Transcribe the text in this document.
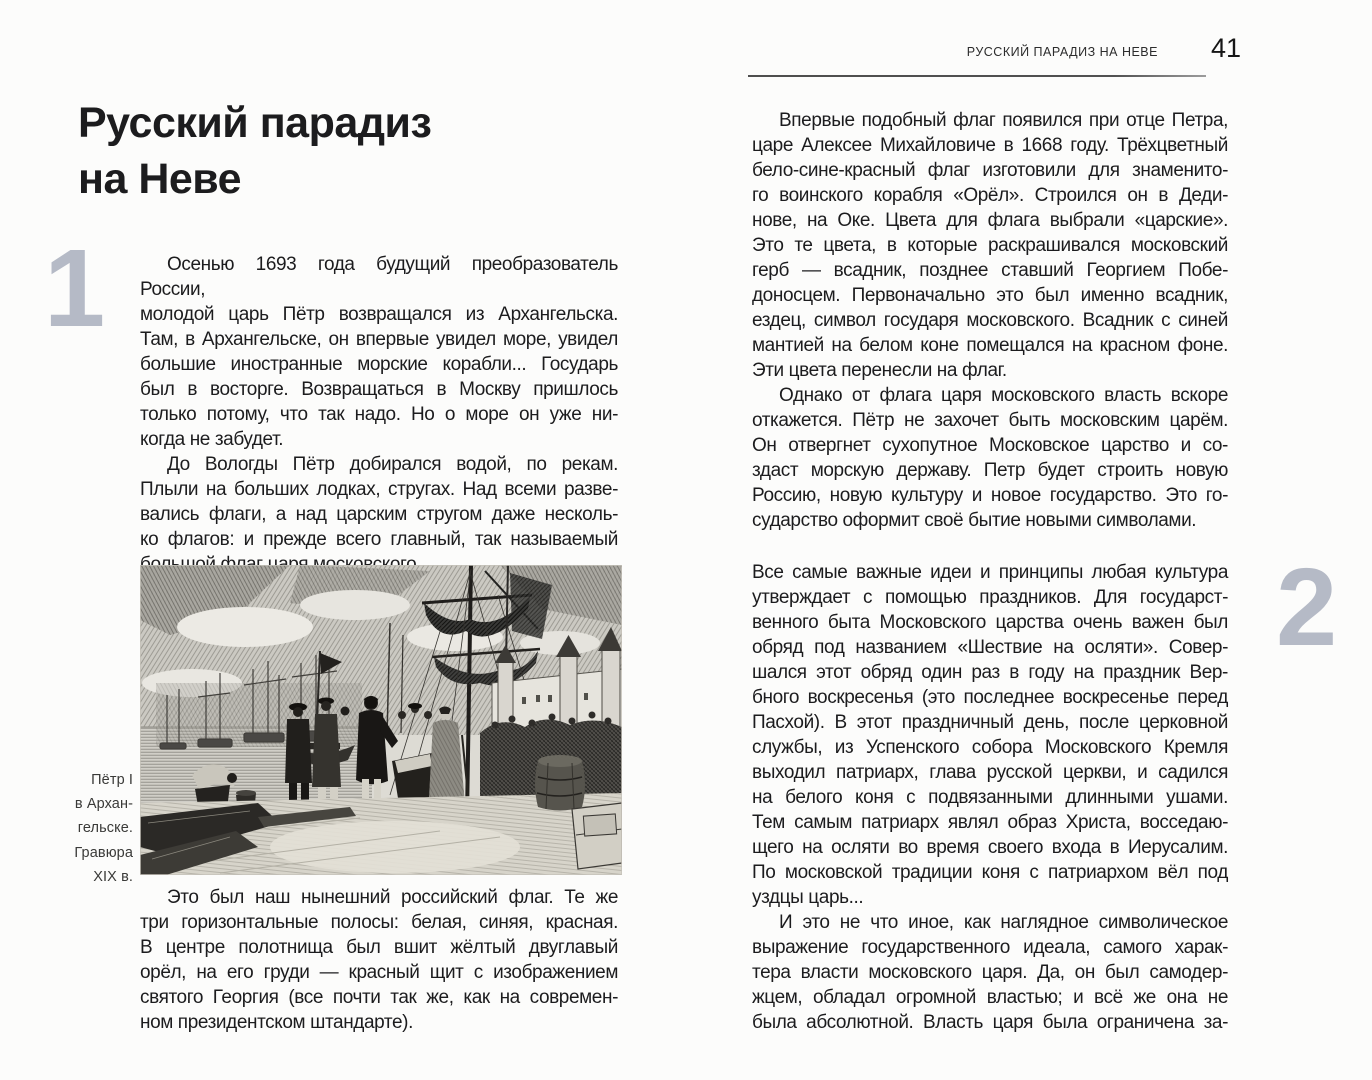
Русский парадиз
на Неве
1	Осенью 1693 года будущий преобразователь России,
молодой царь Пётр возвращался из Архангельска.
Там, в Архангельске, он впервые увидел море, увидел
большие иностранные морские корабли... Государь
был в восторге. Возвращаться в Москву пришлось
только потому, что так надо. Но о море он уже ни-
когда не забудет.
До Вологды Пётр добирался водой, по рекам.
Плыли на больших лодках, стругах. Над всеми разве-
вались флаги, а над царским стругом даже несколь-
ко флагов: и прежде всего главный, так называемый
Пётр I
в Архан-
гельске.
Гравюра
XIX в.
Это был наш нынешний российский флаг. Те же
три горизонтальные полосы: белая, синяя, красная.
В центре полотнища был вшит жёлтый двуглавый
орёл, на его груди — красный щит с изображением
святого Георгия (все почти так же, как на современ-
ном президентском штандарте).
РУССКИЙ ПАРАДИЗ НА НЕВЕ 41
Впервые подобный флаг появился при отце Петра,
царе Алексее Михайловиче в 1668 году. Трёхцветный
бело-сине-красный флаг изготовили для знаменито-
го воинского корабля «Орёл». Строился он в Деди-
нове, на Оке. Цвета для флага выбрали «царские».
Это те цвета, в которые раскрашивался московский
герб — всадник, позднее ставший Георгием Побе-
доносцем. Первоначально это был именно всадник,
ездец, символ государя московского. Всадник с синей
мантией на белом коне помещался на красном фоне.
Эти цвета перенесли на флаг.
Однако от флага царя московского власть вскоре
откажется. Пётр не захочет быть московским царём.
Он отвергнет сухопутное Московское царство и со-
здаст морскую державу. Петр будет строить новую
Россию, новую культуру и новое государство. Это го-
сударство оформит своё бытие новыми символами.
Все самые важные идеи и принципы любая культура
утверждает с помощью праздников. Для государст-
венного быта Московского царства очень важен был
обряд под названием «Шествие на осляти». Совер-
шался этот обряд один раз в году на праздник Вер-
бного воскресенья (это последнее воскресенье перед
Пасхой). В этот праздничный день, после церковной
службы, из Успенского собора Московского Кремля
выходил патриарх, глава русской церкви, и садился
на белого коня с подвязанными длинными ушами.
Тем самым патриарх являл образ Христа, восседаю-
щего на осляти во время своего входа в Иерусалим.
По московской традиции коня с патриархом вёл под
уздцы царь...
И это не что иное, как наглядное символическое
выражение государственного идеала, самого харак-
тера власти московского царя. Да, он был самодер-
жцем, обладал огромной властью; и всё же она не
была абсолютной. Власть царя была ограничена за-
2
